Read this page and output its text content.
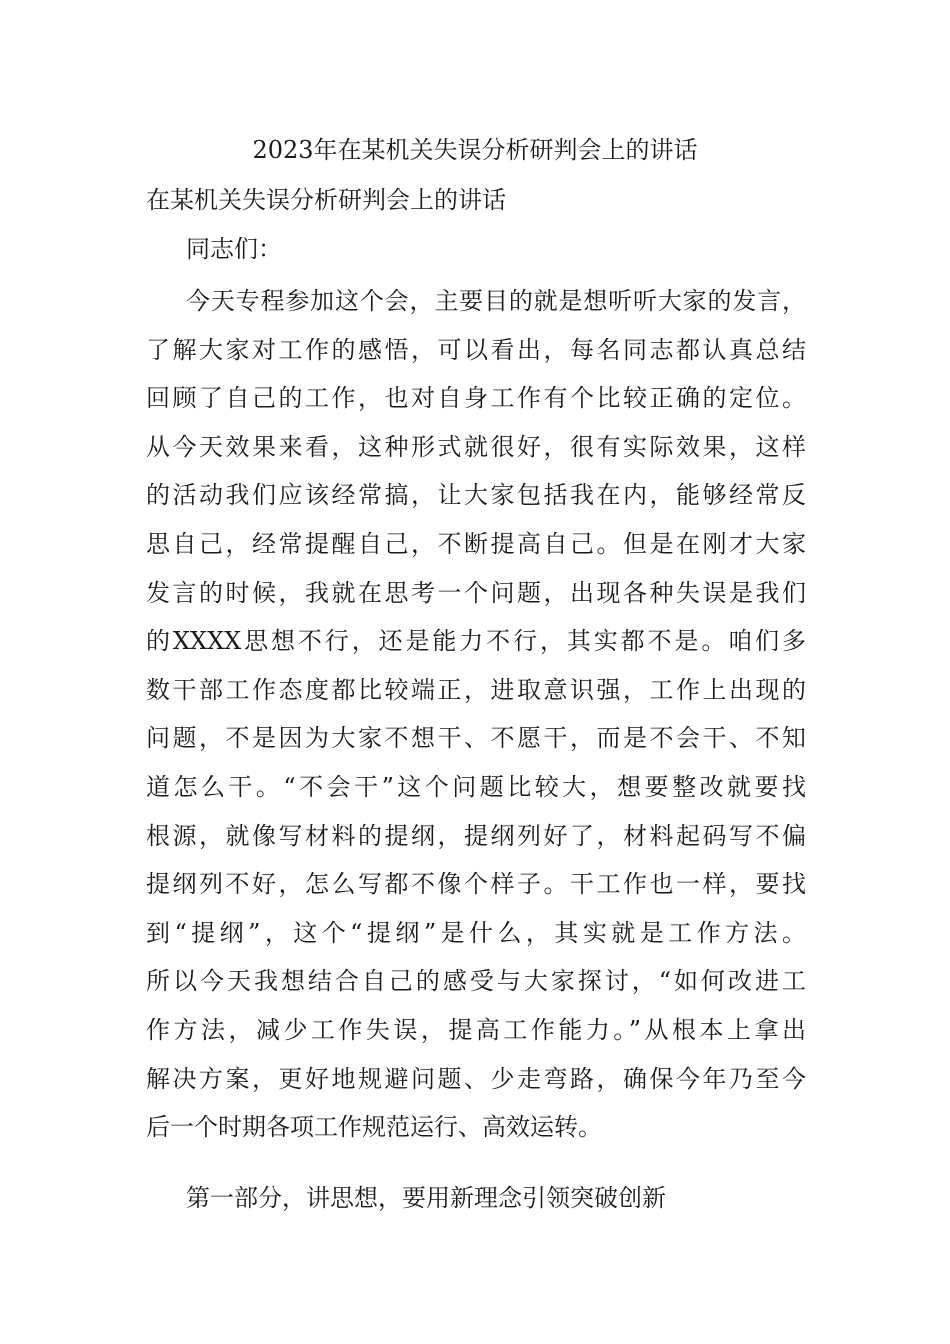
2023年在某机关失误分析研判会上的讲话
在某机关失误分析研判会上的讲话
同志们：
今天专程参加这个会，主要目的就是想听听大家的发言，
了解大家对工作的感悟，可以看出，每名同志都认真总结
回顾了自己的工作，也对自身工作有个比较正确的定位。
从今天效果来看，这种形式就很好，很有实际效果，这样
的活动我们应该经常搞，让大家包括我在内，能够经常反
思自己，经常提醒自己，不断提高自己。但是在刚才大家
发言的时候，我就在思考一个问题，出现各种失误是我们
的XXXX思想不行，还是能力不行，其实都不是。咱们多
数干部工作态度都比较端正，进取意识强，工作上出现的
问题，不是因为大家不想干、不愿干，而是不会干、不知
道怎么干。“不会干”这个问题比较大，想要整改就要找
根源，就像写材料的提纲，提纲列好了，材料起码写不偏
提纲列不好，怎么写都不像个样子。干工作也一样，要找
到“提纲”，这个“提纲”是什么，其实就是工作方法。
所以今天我想结合自己的感受与大家探讨，“如何改进工
作方法，减少工作失误，提高工作能力。”从根本上拿出
解决方案，更好地规避问题、少走弯路，确保今年乃至今
后一个时期各项工作规范运行、高效运转。
第一部分，讲思想，要用新理念引领突破创新
